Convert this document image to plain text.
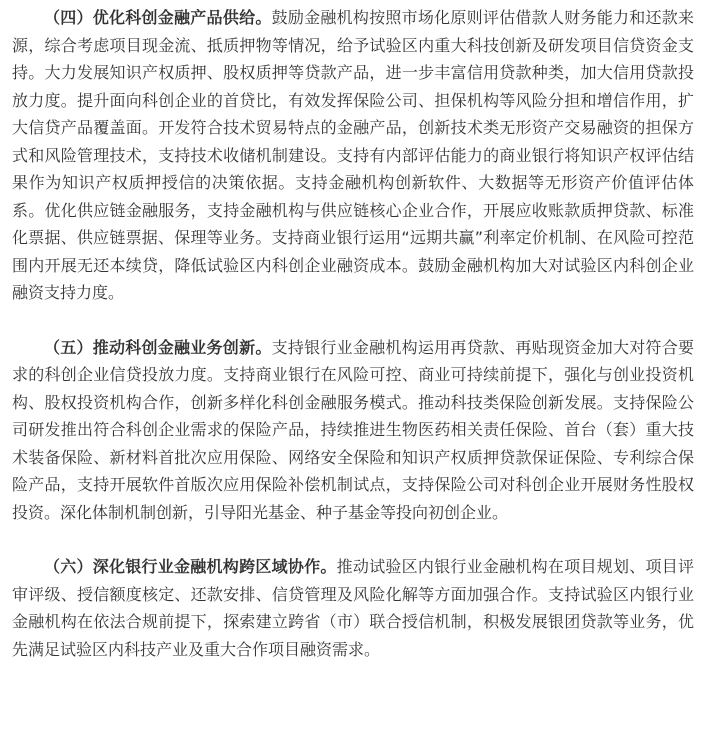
（四）优化科创金融产品供给。鼓励金融机构按照市场化原则评估借款人财务能力和还款来源，综合考虑项目现金流、抵质押物等情况，给予试验区内重大科技创新及研发项目信贷资金支持。大力发展知识产权质押、股权质押等贷款产品，进一步丰富信用贷款种类，加大信用贷款投放力度。提升面向科创企业的首贷比，有效发挥保险公司、担保机构等风险分担和增信作用，扩大信贷产品覆盖面。开发符合技术贸易特点的金融产品，创新技术类无形资产交易融资的担保方式和风险管理技术，支持技术收储机制建设。支持有内部评估能力的商业银行将知识产权评估结果作为知识产权质押授信的决策依据。支持金融机构创新软件、大数据等无形资产价值评估体系。优化供应链金融服务，支持金融机构与供应链核心企业合作，开展应收账款质押贷款、标准化票据、供应链票据、保理等业务。支持商业银行运用“远期共赢”利率定价机制、在风险可控范围内开展无还本续贷，降低试验区内科创企业融资成本。鼓励金融机构加大对试验区内科创企业融资支持力度。

（五）推动科创金融业务创新。支持银行业金融机构运用再贷款、再贴现资金加大对符合要求的科创企业信贷投放力度。支持商业银行在风险可控、商业可持续前提下，强化与创业投资机构、股权投资机构合作，创新多样化科创金融服务模式。推动科技类保险创新发展。支持保险公司研发推出符合科创企业需求的保险产品，持续推进生物医药相关责任保险、首台（套）重大技术装备保险、新材料首批次应用保险、网络安全保险和知识产权质押贷款保证保险、专利综合保险产品，支持开展软件首版次应用保险补偿机制试点，支持保险公司对科创企业开展财务性股权投资。深化体制机制创新，引导阳光基金、种子基金等投向初创企业。

（六）深化银行业金融机构跨区域协作。推动试验区内银行业金融机构在项目规划、项目评审评级、授信额度核定、还款安排、信贷管理及风险化解等方面加强合作。支持试验区内银行业金融机构在依法合规前提下，探索建立跨省（市）联合授信机制，积极发展银团贷款等业务，优先满足试验区内科技产业及重大合作项目融资需求。
